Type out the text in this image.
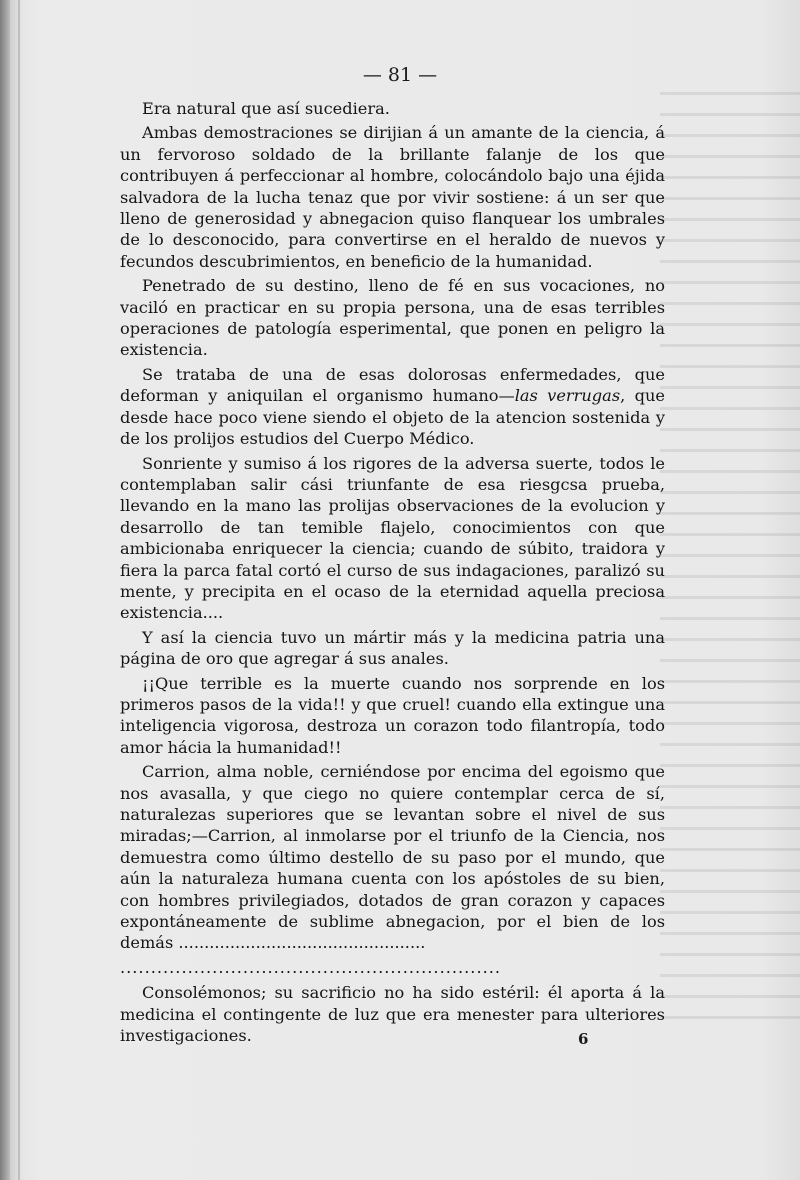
— 81 —

Era natural que así sucediera.

Ambas demostraciones se dirijian á un amante de la ciencia, á un fervoroso soldado de la brillante falanje de los que contribuyen á perfeccionar al hombre, colocándolo bajo una éjida salvadora de la lucha tenaz que por vivir sostiene: á un ser que lleno de generosidad y abnegacion quiso flanquear los umbrales de lo desconocido, para convertirse en el heraldo de nuevos y fecundos descubrimientos, en beneficio de la humanidad.

Penetrado de su destino, lleno de fé en sus vocaciones, no vaciló en practicar en su propia persona, una de esas terribles operaciones de patología esperimental, que ponen en peligro la existencia.

Se trataba de una de esas dolorosas enfermedades, que deforman y aniquilan el organismo humano—las verrugas, que desde hace poco viene siendo el objeto de la atencion sostenida y de los prolijos estudios del Cuerpo Médico.

Sonriente y sumiso á los rigores de la adversa suerte, todos le contemplaban salir cási triunfante de esa riesgcsa prueba, llevando en la mano las prolijas observaciones de la evolucion y desarrollo de tan temible flajelo, conocimientos con que ambicionaba enriquecer la ciencia; cuando de súbito, traidora y fiera la parca fatal cortó el curso de sus indagaciones, paralizó su mente, y precipita en el ocaso de la eternidad aquella preciosa existencia....

Y así la ciencia tuvo un mártir más y la medicina patria una página de oro que agregar á sus anales.

¡¡Que terrible es la muerte cuando nos sorprende en los primeros pasos de la vida!! y que cruel! cuando ella extingue una inteligencia vigorosa, destroza un corazon todo filantropía, todo amor hácia la humanidad!!

Carrion, alma noble, cerniéndose por encima del egoismo que nos avasalla, y que ciego no quiere contemplar cerca de sí, naturalezas superiores que se levantan sobre el nivel de sus miradas;—Carrion, al inmolarse por el triunfo de la Ciencia, nos demuestra como último destello de su paso por el mundo, que aún la naturaleza humana cuenta con los apóstoles de su bien, con hombres privilegiados, dotados de gran corazon y capaces expontáneamente de sublime abnegacion, por el bien de los demás ................................................

..............................................................

Consolémonos; su sacrificio no ha sido estéril: él aporta á la medicina el contingente de luz que era menester para ulteriores investigaciones.	6
